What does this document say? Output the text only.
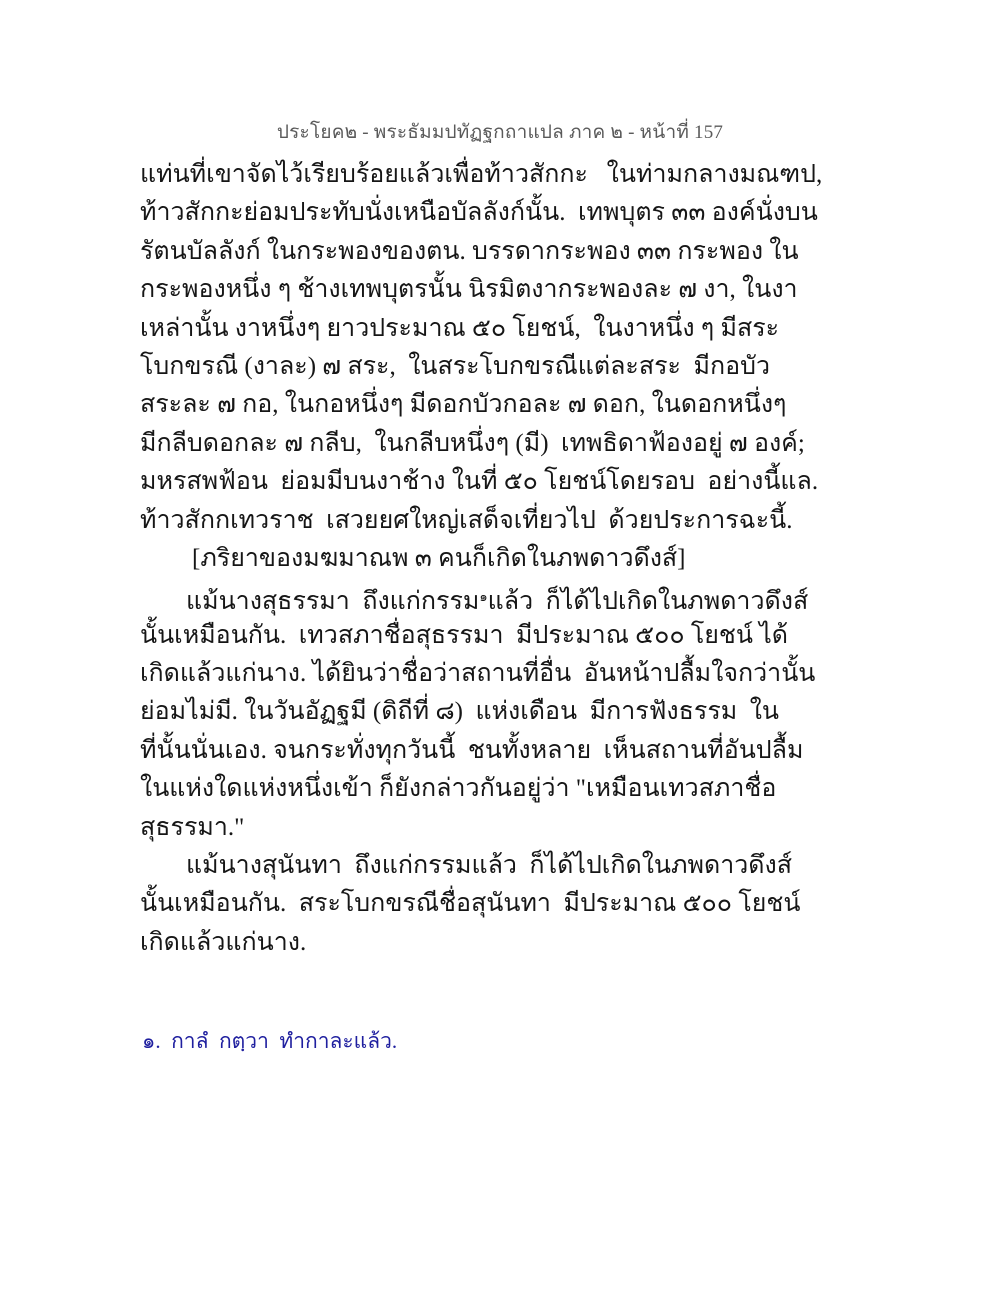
ประโยค๒ - พระธัมมปทัฏฐกถาแปล ภาค ๒ - หน้าที่ 157
แท่นที่เขาจัดไว้เรียบร้อยแล้วเพื่อท้าวสักกะ   ในท่ามกลางมณฑป,
ท้าวสักกะย่อมประทับนั่งเหนือบัลลังก์นั้น.  เทพบุตร ๓๓ องค์นั่งบน
รัตนบัลลังก์ ในกระพองของตน. บรรดากระพอง ๓๓ กระพอง ใน
กระพองหนึ่ง ๆ ช้างเทพบุตรนั้น นิรมิตงากระพองละ ๗ งา, ในงา
เหล่านั้น งาหนึ่งๆ ยาวประมาณ ๕๐ โยชน์,  ในงาหนึ่ง ๆ มีสระ
โบกขรณี (งาละ) ๗ สระ,  ในสระโบกขรณีแต่ละสระ  มีกอบัว
สระละ ๗ กอ, ในกอหนึ่งๆ มีดอกบัวกอละ ๗ ดอก, ในดอกหนึ่งๆ
มีกลีบดอกละ ๗ กลีบ,  ในกลีบหนึ่งๆ (มี)  เทพธิดาฟ้องอยู่ ๗ องค์;
มหรสพฟ้อน  ย่อมมีบนงาช้าง ในที่ ๕๐ โยชน์โดยรอบ  อย่างนี้แล.
ท้าวสักกเทวราช  เสวยยศใหญ่เสด็จเที่ยวไป  ด้วยประการฉะนี้.
[ภริยาของมฆมาณพ ๓ คนก็เกิดในภพดาวดึงส์]
แม้นางสุธรรมา  ถึงแก่กรรม$^๑$แล้ว  ก็ได้ไปเกิดในภพดาวดึงส์
นั้นเหมือนกัน.  เทวสภาชื่อสุธรรมา  มีประมาณ ๕๐๐ โยชน์ ได้
เกิดแล้วแก่นาง. ได้ยินว่าชื่อว่าสถานที่อื่น  อันหน้าปลื้มใจกว่านั้น
ย่อมไม่มี. ในวันอัฏฐมี (ดิถีที่ ๘)  แห่งเดือน  มีการฟังธรรม  ใน
ที่นั้นนั่นเอง. จนกระทั่งทุกวันนี้  ชนทั้งหลาย  เห็นสถานที่อันปลื้ม
ในแห่งใดแห่งหนึ่งเข้า ก็ยังกล่าวกันอยู่ว่า "เหมือนเทวสภาชื่อ
สุธรรมา."
แม้นางสุนันทา  ถึงแก่กรรมแล้ว  ก็ได้ไปเกิดในภพดาวดึงส์
นั้นเหมือนกัน.  สระโบกขรณีชื่อสุนันทา  มีประมาณ ๕๐๐ โยชน์
เกิดแล้วแก่นาง.
๑.  กาลํ  กตฺวา  ทำกาละแล้ว.
